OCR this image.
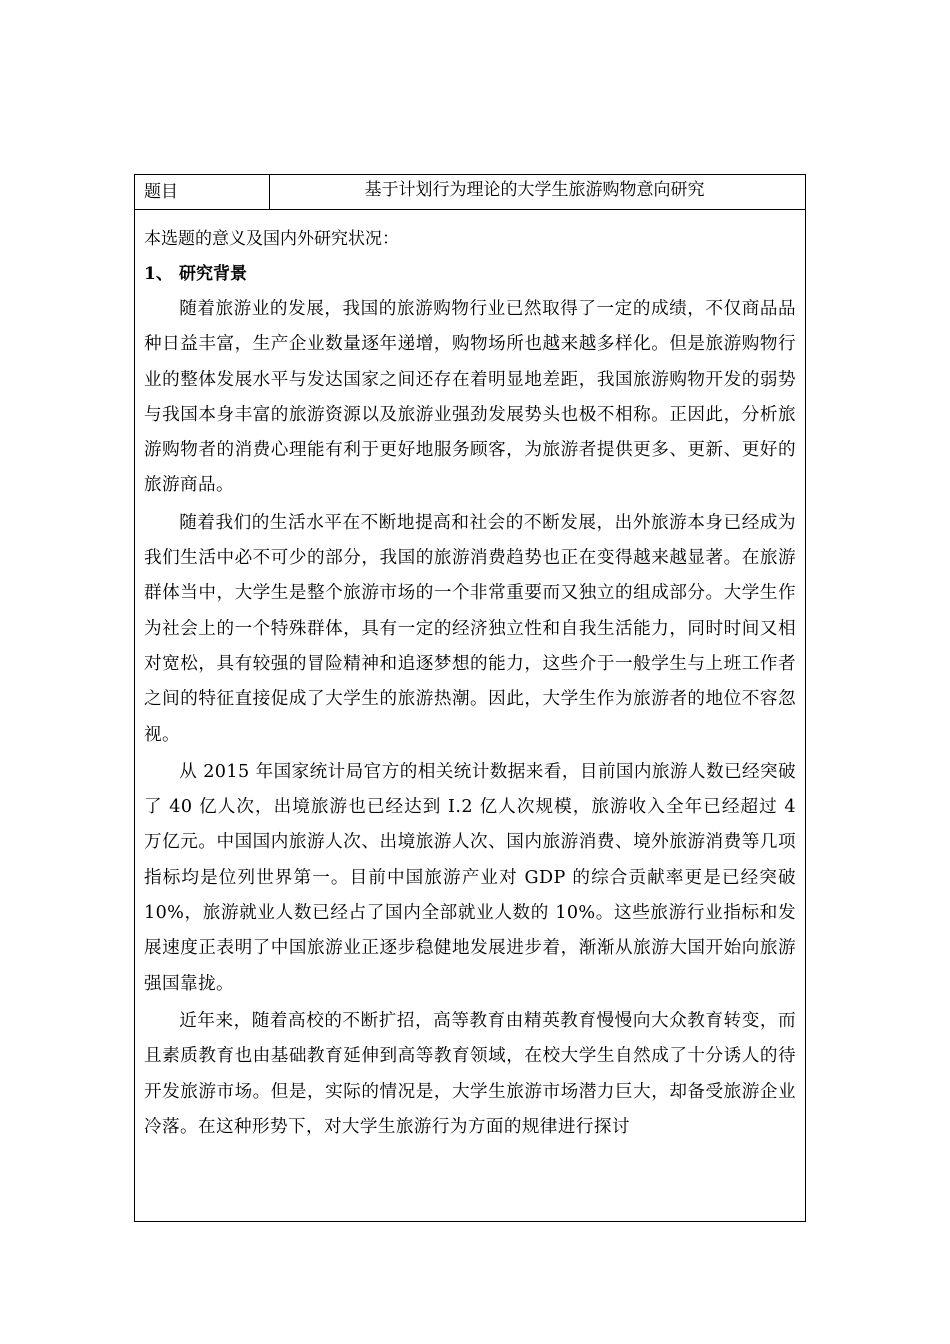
题目	基于计划行为理论的大学生旅游购物意向研究

本选题的意义及国内外研究状况：

1、 研究背景

随着旅游业的发展，我国的旅游购物行业已然取得了一定的成绩，不仅商品品种日益丰富，生产企业数量逐年递增，购物场所也越来越多样化。但是旅游购物行业的整体发展水平与发达国家之间还存在着明显地差距，我国旅游购物开发的弱势与我国本身丰富的旅游资源以及旅游业强劲发展势头也极不相称。正因此，分析旅游购物者的消费心理能有利于更好地服务顾客，为旅游者提供更多、更新、更好的旅游商品。

随着我们的生活水平在不断地提高和社会的不断发展，出外旅游本身已经成为我们生活中必不可少的部分，我国的旅游消费趋势也正在变得越来越显著。在旅游群体当中，大学生是整个旅游市场的一个非常重要而又独立的组成部分。大学生作为社会上的一个特殊群体，具有一定的经济独立性和自我生活能力，同时时间又相对宽松，具有较强的冒险精神和追逐梦想的能力，这些介于一般学生与上班工作者之间的特征直接促成了大学生的旅游热潮。因此，大学生作为旅游者的地位不容忽视。

从 2015 年国家统计局官方的相关统计数据来看，目前国内旅游人数已经突破了 40 亿人次，出境旅游也已经达到 I.2 亿人次规模，旅游收入全年已经超过 4 万亿元。中国国内旅游人次、出境旅游人次、国内旅游消费、境外旅游消费等几项指标均是位列世界第一。目前中国旅游产业对 GDP 的综合贡献率更是已经突破 10%，旅游就业人数已经占了国内全部就业人数的 10%。这些旅游行业指标和发展速度正表明了中国旅游业正逐步稳健地发展进步着，渐渐从旅游大国开始向旅游强国靠拢。

近年来，随着高校的不断扩招，高等教育由精英教育慢慢向大众教育转变，而且素质教育也由基础教育延伸到高等教育领域，在校大学生自然成了十分诱人的待开发旅游市场。但是，实际的情况是，大学生旅游市场潜力巨大，却备受旅游企业冷落。在这种形势下，对大学生旅游行为方面的规律进行探讨
